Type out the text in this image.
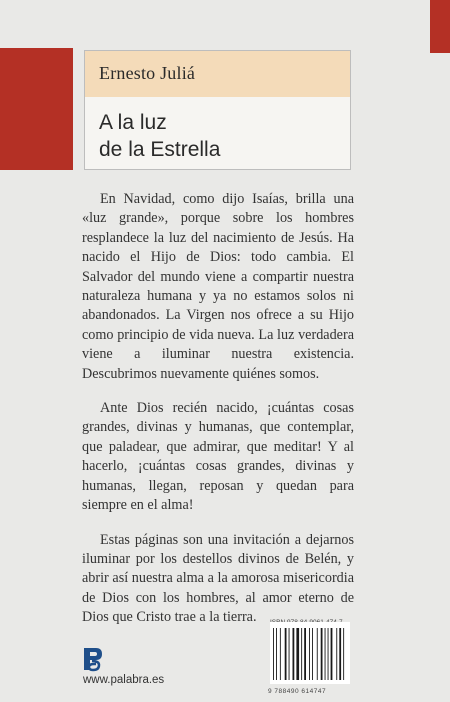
Ernesto Juliá
A la luz
de la Estrella

En Navidad, como dijo Isaías, brilla una «luz grande», porque sobre los hombres resplandece la luz del nacimiento de Jesús. Ha nacido el Hijo de Dios: todo cambia. El Salvador del mundo viene a compartir nuestra naturaleza humana y ya no estamos solos ni abandonados. La Virgen nos ofrece a su Hijo como principio de vida nueva. La luz verdadera viene a iluminar nuestra existencia. Descubrimos nuevamente quiénes somos.

Ante Dios recién nacido, ¡cuántas cosas grandes, divinas y humanas, que contemplar, que paladear, que admirar, que meditar! Y al hacerlo, ¡cuántas cosas grandes, divinas y humanas, llegan, reposan y quedan para siempre en el alma!

Estas páginas son una invitación a dejarnos iluminar por los destellos divinos de Belén, y abrir así nuestra alma a la amorosa misericordia de Dios con los hombres, al amor eterno de Dios que Cristo trae a la tierra.

9 788490 614747
www.palabra.es
